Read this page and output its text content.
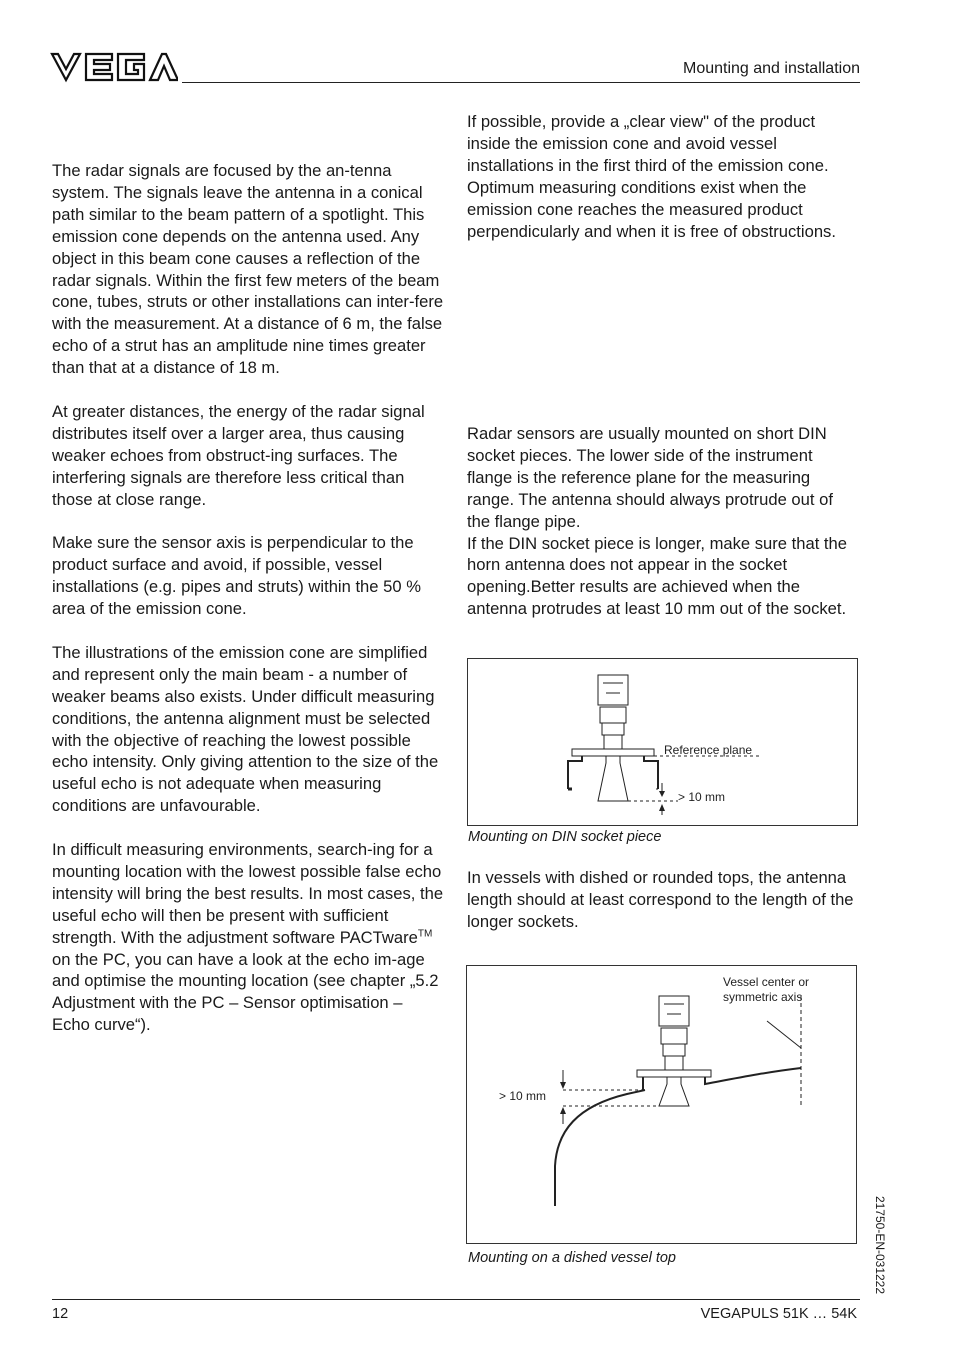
Mounting and installation

The radar signals are focused by the an-tenna system. The signals leave the antenna in a conical path similar to the beam pattern of a spotlight. This emission cone depends on the antenna used. Any object in this beam cone causes a reflection of the radar signals. Within the first few meters of the beam cone, tubes, struts or other installations can inter-fere with the measurement. At a distance of 6 m, the false echo of a strut has an amplitude nine times greater than that at a distance of 18 m.

At greater distances, the energy of the radar signal distributes itself over a larger area, thus causing weaker echoes from obstruct-ing surfaces. The interfering signals are therefore less critical than those at close range.

Make sure the sensor axis is perpendicular to the product surface and avoid, if possible, vessel installations (e.g. pipes and struts) within the 50 % area of the emission cone.

The illustrations of the emission cone are simplified and represent only the main beam - a number of weaker beams also exists. Under difficult measuring conditions, the antenna alignment must be selected with the objective of reaching the lowest possible echo intensity. Only giving attention to the size of the useful echo is not adequate when measuring conditions are unfavourable.

In difficult measuring environments, search-ing for a mounting location with the lowest possible false echo intensity will bring the best results. In most cases, the useful echo will then be present with sufficient strength. With the adjustment software PACTware™ on the PC, you can have a look at the echo im-age and optimise the mounting location (see chapter „5.2 Adjustment with the PC – Sensor optimisation – Echo curve“).

If possible, provide a „clear view" of the product inside the emission cone and avoid vessel installations in the first third of the emission cone.

Optimum measuring conditions exist when the emission cone reaches the measured product perpendicularly and when it is free of obstructions.

Radar sensors are usually mounted on short DIN socket pieces. The lower side of the instrument flange is the reference plane for the measuring range. The antenna should always protrude out of the flange pipe.

If the DIN socket piece is longer, make sure that the horn antenna does not appear in the socket opening.Better results are achieved when the antenna protrudes at least 10 mm out of the socket.

Reference plane
> 10 mm
Mounting on DIN socket piece

In vessels with dished or rounded tops, the antenna length should at least correspond to the length of the longer sockets.

Vessel center or
symmetric axis
> 10 mm
Mounting on a dished vessel top	21750-EN-031222
12	VEGAPULS 51K … 54K
